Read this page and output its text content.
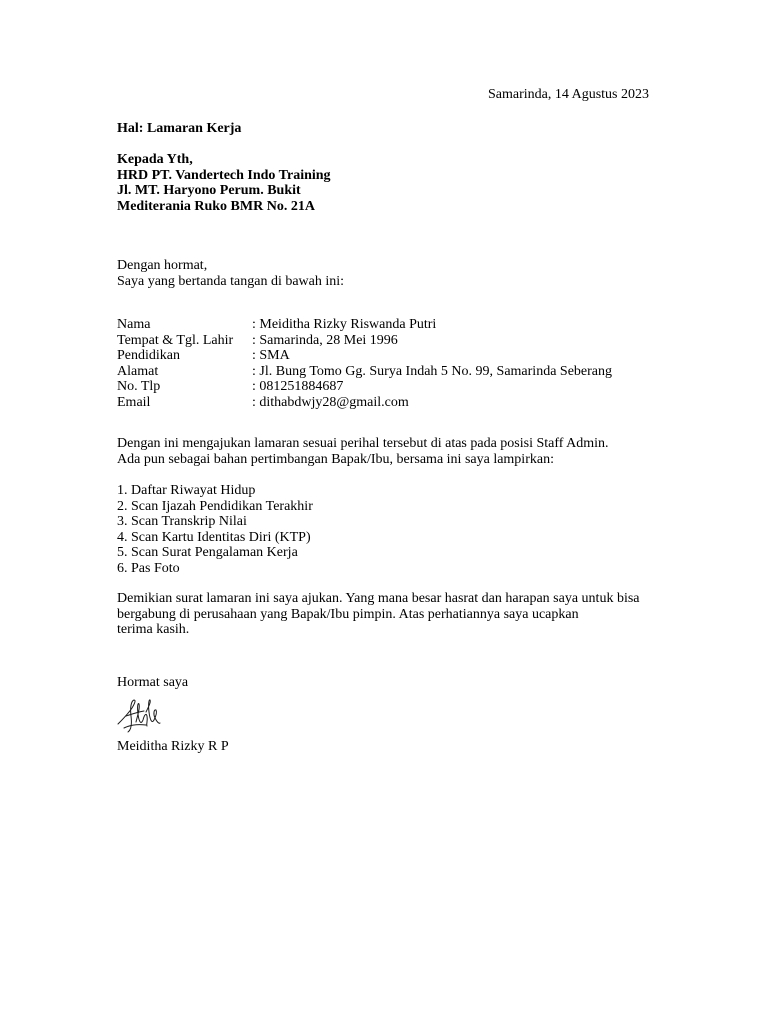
Samarinda, 14 Agustus 2023
Hal: Lamaran Kerja

Kepada Yth,

HRD PT. Vandertech Indo Training

Jl. MT. Haryono Perum. Bukit

Mediterania Ruko BMR No. 21A

Dengan hormat,

Saya yang bertanda tangan di bawah ini:

Nama	: Meiditha Rizky Riswanda Putri
Tempat & Tgl. Lahir : Samarinda, 28 Mei 1996
Pendidikan	: SMA
Alamat	: Jl. Bung Tomo Gg. Surya Indah 5 No. 99, Samarinda Seberang
No. Tlp	: 081251884687
Email	: dithabdwjy28@gmail.com

Dengan ini mengajukan lamaran sesuai perihal tersebut di atas pada posisi Staff Admin.

Ada pun sebagai bahan pertimbangan Bapak/Ibu, bersama ini saya lampirkan:

1. Daftar Riwayat Hidup

2. Scan Ijazah Pendidikan Terakhir

3. Scan Transkrip Nilai

4. Scan Kartu Identitas Diri (KTP)

5. Scan Surat Pengalaman Kerja

6. Pas Foto

Demikian surat lamaran ini saya ajukan. Yang mana besar hasrat dan harapan saya untuk bisa

bergabung di perusahaan yang Bapak/Ibu pimpin. Atas perhatiannya saya ucapkan

terima kasih.

Hormat saya
Meiditha Rizky R P
